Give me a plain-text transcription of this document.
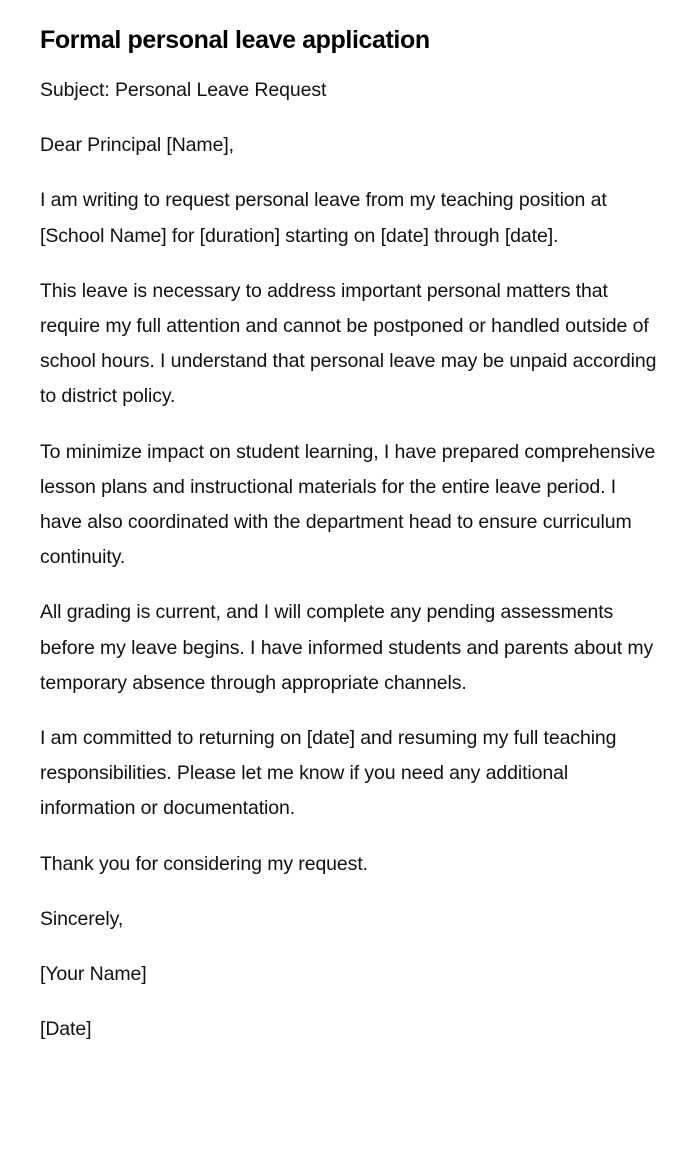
Formal personal leave application

Subject: Personal Leave Request

Dear Principal [Name],

I am writing to request personal leave from my teaching position at [School Name] for [duration] starting on [date] through [date].

This leave is necessary to address important personal matters that require my full attention and cannot be postponed or handled outside of school hours. I understand that personal leave may be unpaid according to district policy.

To minimize impact on student learning, I have prepared comprehensive lesson plans and instructional materials for the entire leave period. I have also coordinated with the department head to ensure curriculum continuity.

All grading is current, and I will complete any pending assessments before my leave begins. I have informed students and parents about my temporary absence through appropriate channels.

I am committed to returning on [date] and resuming my full teaching responsibilities. Please let me know if you need any additional information or documentation.

Thank you for considering my request.

Sincerely,

[Your Name]

[Date]
